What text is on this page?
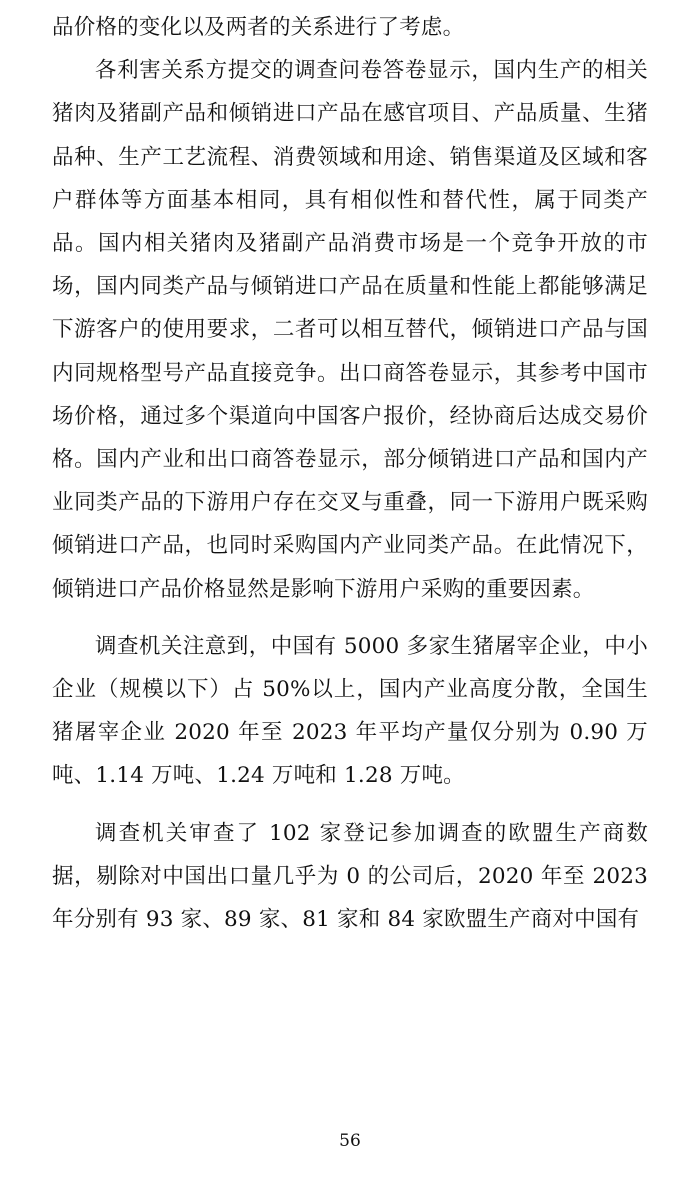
品价格的变化以及两者的关系进行了考虑。

各利害关系方提交的调查问卷答卷显示，国内生产的相关猪肉及猪副产品和倾销进口产品在感官项目、产品质量、生猪品种、生产工艺流程、消费领域和用途、销售渠道及区域和客户群体等方面基本相同，具有相似性和替代性，属于同类产品。国内相关猪肉及猪副产品消费市场是一个竞争开放的市场，国内同类产品与倾销进口产品在质量和性能上都能够满足下游客户的使用要求，二者可以相互替代，倾销进口产品与国内同规格型号产品直接竞争。出口商答卷显示，其参考中国市场价格，通过多个渠道向中国客户报价，经协商后达成交易价格。国内产业和出口商答卷显示，部分倾销进口产品和国内产业同类产品的下游用户存在交叉与重叠，同一下游用户既采购倾销进口产品，也同时采购国内产业同类产品。在此情况下，倾销进口产品价格显然是影响下游用户采购的重要因素。

调查机关注意到，中国有 5000 多家生猪屠宰企业，中小企业（规模以下）占 50%以上，国内产业高度分散，全国生猪屠宰企业 2020 年至 2023 年平均产量仅分别为 0.90 万吨、1.14 万吨、1.24 万吨和 1.28 万吨。

调查机关审查了 102 家登记参加调查的欧盟生产商数据，剔除对中国出口量几乎为 0 的公司后，2020 年至 2023 年分别有 93 家、89 家、81 家和 84 家欧盟生产商对中国有

56
